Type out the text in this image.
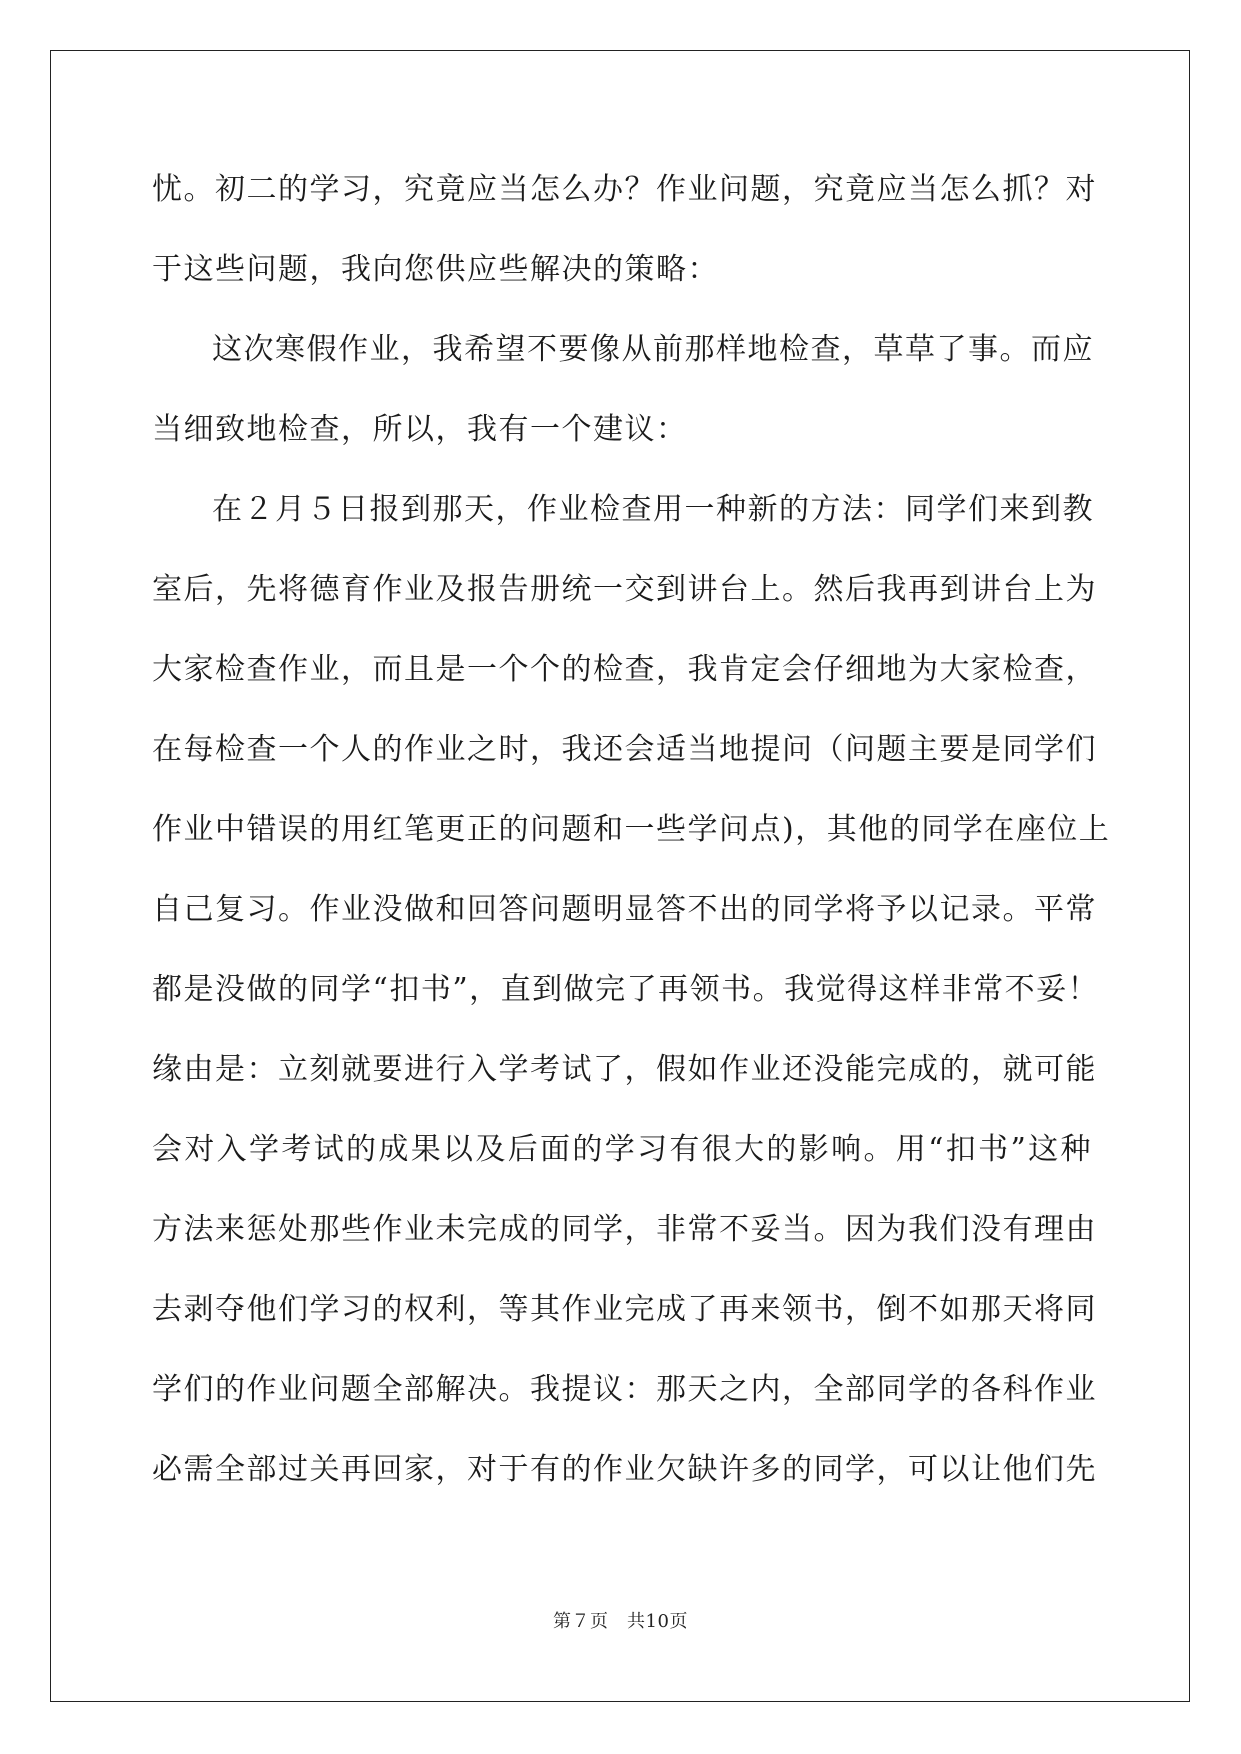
忧。初二的学习，究竟应当怎么办？作业问题，究竟应当怎么抓？对
于这些问题，我向您供应些解决的策略：
这次寒假作业，我希望不要像从前那样地检查，草草了事。而应
当细致地检查，所以，我有一个建议：
在２月５日报到那天，作业检查用一种新的方法：同学们来到教
室后，先将德育作业及报告册统一交到讲台上。然后我再到讲台上为
大家检查作业，而且是一个个的检查，我肯定会仔细地为大家检查，
在每检查一个人的作业之时，我还会适当地提问（问题主要是同学们
作业中错误的用红笔更正的问题和一些学问点)，其他的同学在座位上
自己复习。作业没做和回答问题明显答不出的同学将予以记录。平常
都是没做的同学“扣书”，直到做完了再领书。我觉得这样非常不妥！
缘由是：立刻就要进行入学考试了，假如作业还没能完成的，就可能
会对入学考试的成果以及后面的学习有很大的影响。用“扣书”这种
方法来惩处那些作业未完成的同学，非常不妥当。因为我们没有理由
去剥夺他们学习的权利，等其作业完成了再来领书，倒不如那天将同
学们的作业问题全部解决。我提议：那天之内，全部同学的各科作业
必需全部过关再回家，对于有的作业欠缺许多的同学，可以让他们先
第７页　共10页
